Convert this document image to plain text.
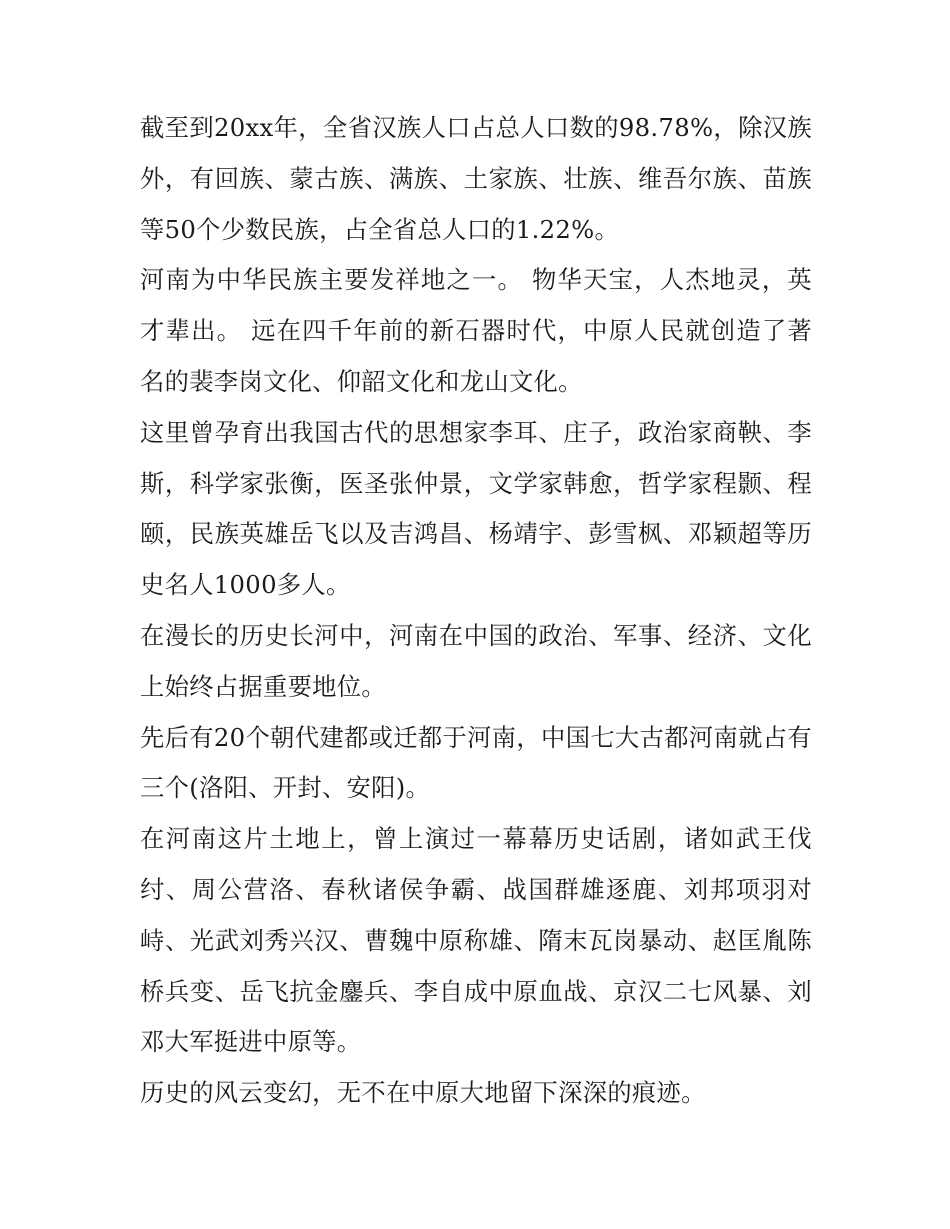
截至到20xx年，全省汉族人口占总人口数的98.78%，除汉族外，有回族、蒙古族、满族、土家族、壮族、维吾尔族、苗族等50个少数民族，占全省总人口的1.22%。

河南为中华民族主要发祥地之一。 物华天宝，人杰地灵，英才辈出。 远在四千年前的新石器时代，中原人民就创造了著名的裴李岗文化、仰韶文化和龙山文化。

这里曾孕育出我国古代的思想家李耳、庄子，政治家商鞅、李斯，科学家张衡，医圣张仲景，文学家韩愈，哲学家程颢、程颐，民族英雄岳飞以及吉鸿昌、杨靖宇、彭雪枫、邓颖超等历史名人1000多人。

在漫长的历史长河中，河南在中国的政治、军事、经济、文化上始终占据重要地位。

先后有20个朝代建都或迁都于河南，中国七大古都河南就占有三个(洛阳、开封、安阳)。

在河南这片土地上，曾上演过一幕幕历史话剧，诸如武王伐纣、周公营洛、春秋诸侯争霸、战国群雄逐鹿、刘邦项羽对峙、光武刘秀兴汉、曹魏中原称雄、隋末瓦岗暴动、赵匡胤陈桥兵变、岳飞抗金鏖兵、李自成中原血战、京汉二七风暴、刘邓大军挺进中原等。

历史的风云变幻，无不在中原大地留下深深的痕迹。
